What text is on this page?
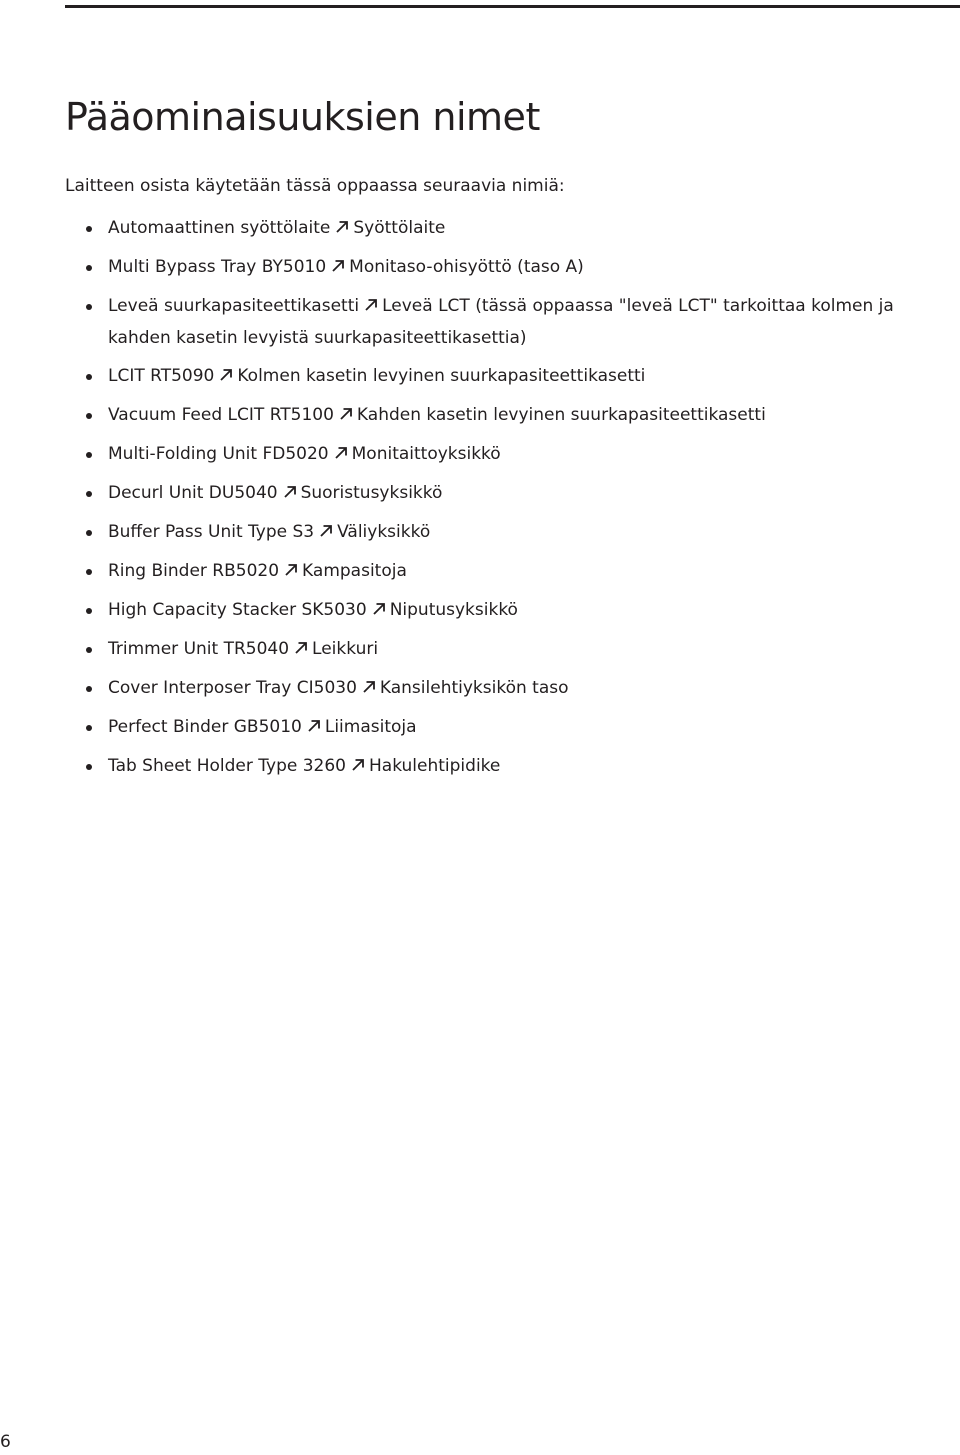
Pääominaisuuksien nimet

Laitteen osista käytetään tässä oppaassa seuraavia nimiä:

Automaattinen syöttölaite Syöttölaite
Multi Bypass Tray BY5010 Monitaso-ohisyöttö (taso A)
Leveä suurkapasiteettikasetti Leveä LCT (tässä oppaassa "leveä LCT" tarkoittaa kolmen ja kahden kasetin levyistä suurkapasiteettikasettia)
LCIT RT5090 Kolmen kasetin levyinen suurkapasiteettikasetti
Vacuum Feed LCIT RT5100 Kahden kasetin levyinen suurkapasiteettikasetti
Multi-Folding Unit FD5020 Monitaittoyksikkö
Decurl Unit DU5040 Suoristusyksikkö
Buffer Pass Unit Type S3 Väliyksikkö
Ring Binder RB5020 Kampasitoja
High Capacity Stacker SK5030 Niputusyksikkö
Trimmer Unit TR5040 Leikkuri
Cover Interposer Tray CI5030 Kansilehtiyksikön taso
Perfect Binder GB5010 Liimasitoja
Tab Sheet Holder Type 3260 Hakulehtipidike
6
